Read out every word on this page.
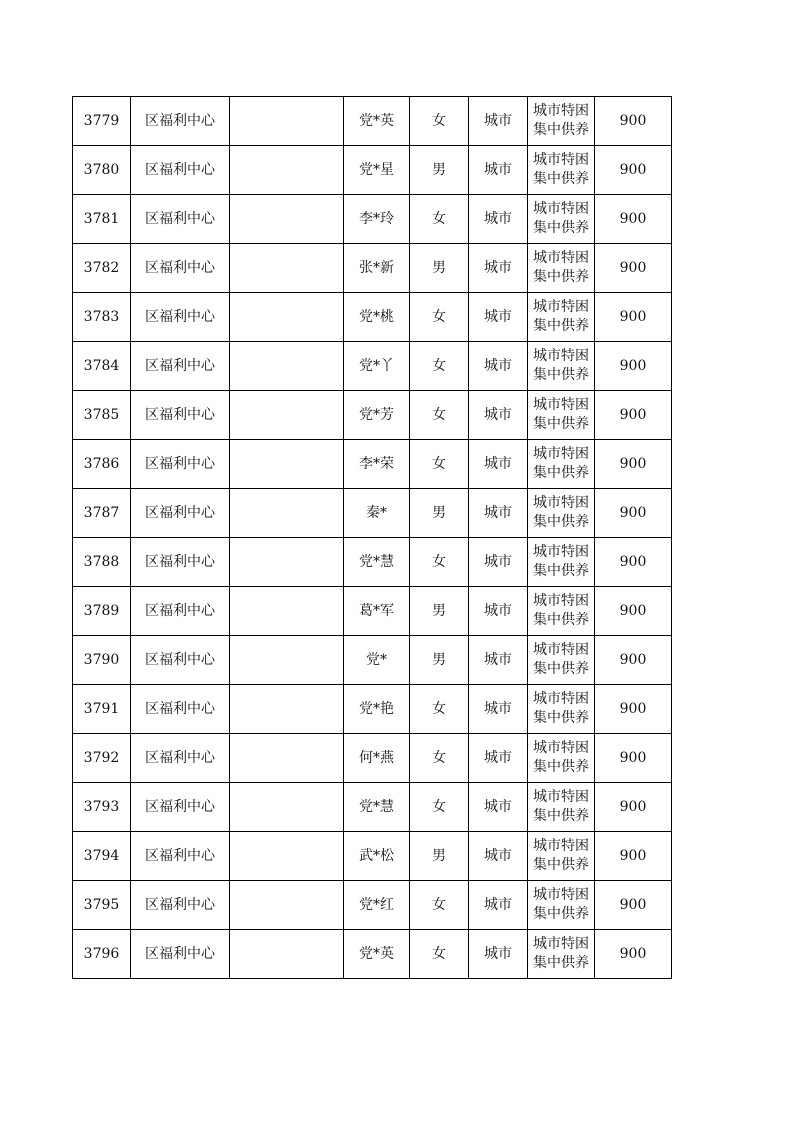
3779	区福利中心		党*英	女	城市	城市特困
集中供养	900
3780	区福利中心		党*星	男	城市	城市特困
集中供养	900
3781	区福利中心		李*玲	女	城市	城市特困
集中供养	900
3782	区福利中心		张*新	男	城市	城市特困
集中供养	900
3783	区福利中心		党*桃	女	城市	城市特困
集中供养	900
3784	区福利中心		党*丫	女	城市	城市特困
集中供养	900
3785	区福利中心		党*芳	女	城市	城市特困
集中供养	900
3786	区福利中心		李*荣	女	城市	城市特困
集中供养	900
3787	区福利中心		秦*	男	城市	城市特困
集中供养	900
3788	区福利中心		党*慧	女	城市	城市特困
集中供养	900
3789	区福利中心		葛*军	男	城市	城市特困
集中供养	900
3790	区福利中心		党*	男	城市	城市特困
集中供养	900
3791	区福利中心		党*艳	女	城市	城市特困
集中供养	900
3792	区福利中心		何*燕	女	城市	城市特困
集中供养	900
3793	区福利中心		党*慧	女	城市	城市特困
集中供养	900
3794	区福利中心		武*松	男	城市	城市特困
集中供养	900
3795	区福利中心		党*红	女	城市	城市特困
集中供养	900
3796	区福利中心		党*英	女	城市	城市特困
集中供养	900
